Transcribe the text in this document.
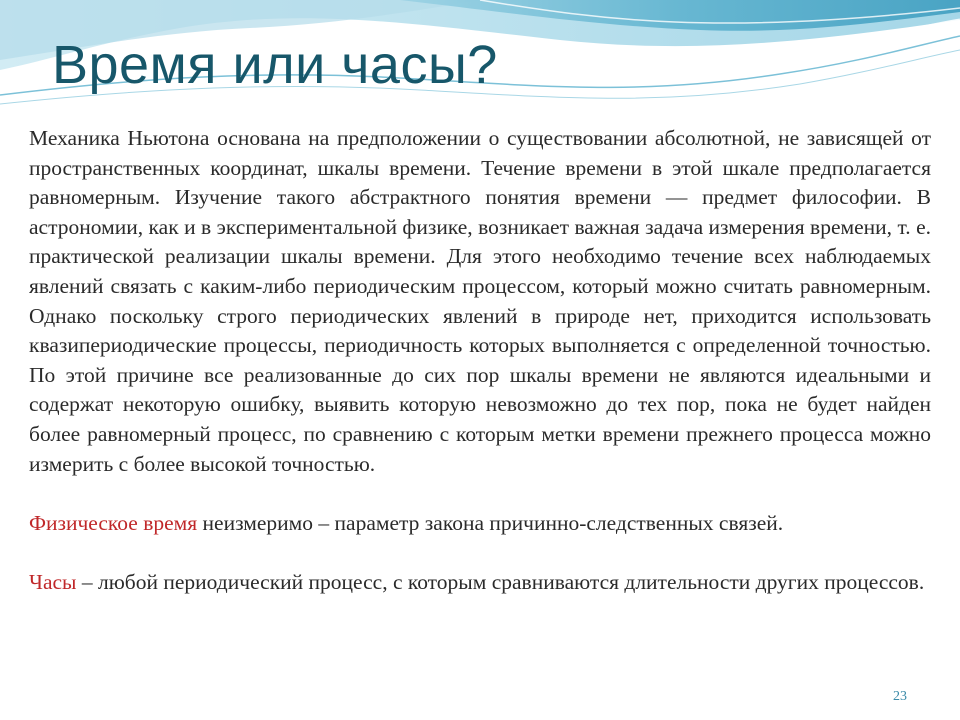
Время или часы?

Механика Ньютона основана на предположении о существовании абсолютной, не зависящей от пространственных координат, шкалы времени. Течение времени в этой шкале предполагается равномерным. Изучение такого абстрактного понятия времени — предмет философии. В астрономии, как и в экспериментальной физике, возникает важная задача измерения времени, т. е. практической реализации шкалы времени. Для этого необходимо течение всех наблюдаемых явлений связать с каким-либо периодическим процессом, который можно считать равномерным. Однако поскольку строго периодических явлений в природе нет, приходится использовать квазипериодические процессы, периодичность которых выполняется с определенной точностью. По этой причине все реализованные до сих пор шкалы времени не являются идеальными и содержат некоторую ошибку, выявить которую невозможно до тех пор, пока не будет найден более равномерный процесс, по сравнению с которым метки времени прежнего процесса можно измерить с более высокой точностью.

Физическое время неизмеримо – параметр закона причинно-следственных связей.

Часы – любой периодический процесс, с которым сравниваются длительности других процессов.

23
